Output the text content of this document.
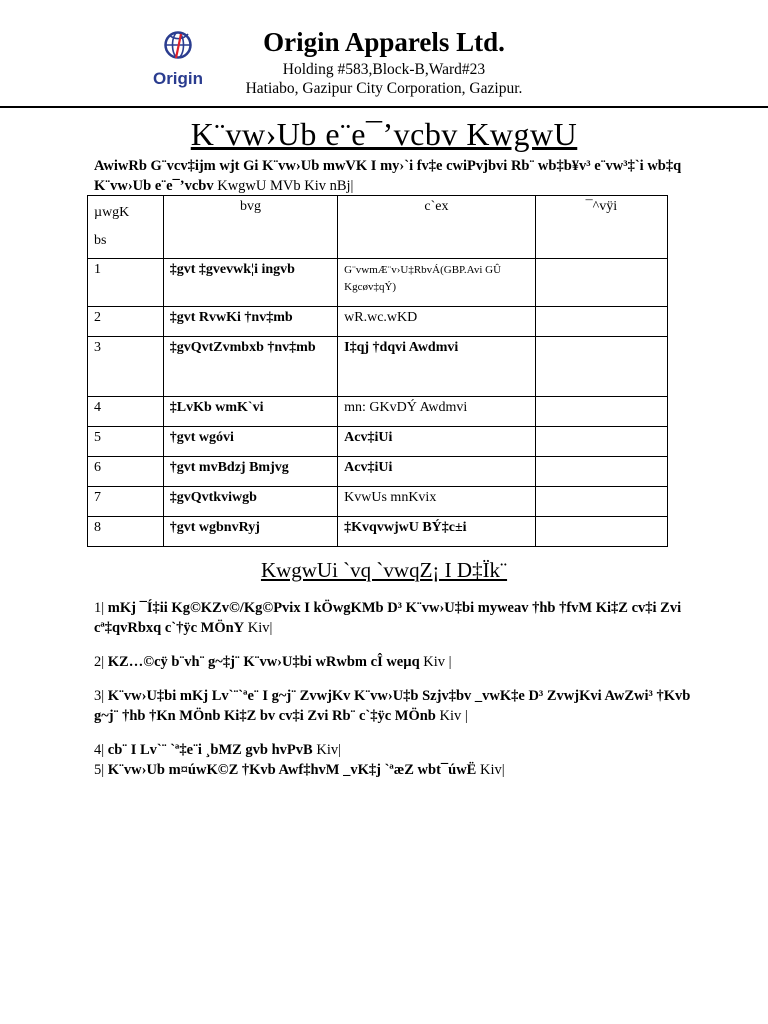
Origin
Origin Apparels Ltd.
Holding #583,Block-B,Ward#23
Hatiabo, Gazipur City Corporation, Gazipur.
K¨vw›Ub e¨e¯’vcbv KwgwU
AwiwRb G¨vcv‡ijm wjt Gi K¨vw›Ub mwVK I my›`i fv‡e cwiPvjbvi Rb¨ wb‡b¥v³ e¨vw³‡`i wb‡q K¨vw›Ub e¨e¯’vcbv KwgwU MVb Kiv nBj|
µwgK
bs	bvg	c`ex	¯^vÿi
1	‡gvt ‡gvevwk¦i ingvb	G¨vwmÆ¨v›U‡RbvÁ(GBP.Avi GÛ Kgcøv‡qÝ)	
2	‡gvt RvwKi †nv‡mb	wR.wc.wKD	
3	‡gvQvtZvmbxb †nv‡mb	I‡qj †dqvi Awdmvi	
4	‡LvKb wmK`vi	mn: GKvDÝ Awdmvi	
5	†gvt wgóvi	Acv‡iUi	
6	†gvt mvBdzj Bmjvg	Acv‡iUi	
7	‡gvQvtkviwgb	KvwUs mnKvix	
8	†gvt wgbnvRyj	‡KvqvwjwU BÝ‡c±i	
KwgwUi `vq `vwqZ¡ I D‡Ïk¨

1| mKj ¯Í‡ii Kg©KZv©/Kg©Pvix I kÖwgKMb D³ K¨vw›U‡bi myweav †hb †fvM Ki‡Z cv‡i Zvi cª‡qvRbxq c`†ÿc MÖnY Kiv|

2| KZ…©cÿ b¨vh¨ g~‡j¨ K¨vw›U‡bi wRwbm cÎ weµq Kiv |

3| K¨vw›U‡bi mKj Lv`¨`ªe¨ I g~j¨ ZvwjKv K¨vw›U‡b Szjv‡bv _vwK‡e D³ ZvwjKvi AwZwi³ †Kvb g~j¨ †hb †Kn MÖnb Ki‡Z bv cv‡i Zvi Rb¨ c`‡ÿc MÖnb Kiv |

4| cb¨ I Lv`¨ `ª‡e¨i ¸bMZ gvb hvPvB Kiv|

5| K¨vw›Ub m¤úwK©Z †Kvb Awf‡hvM _vK‡j `ªæZ wbt¯úwË Kiv|
